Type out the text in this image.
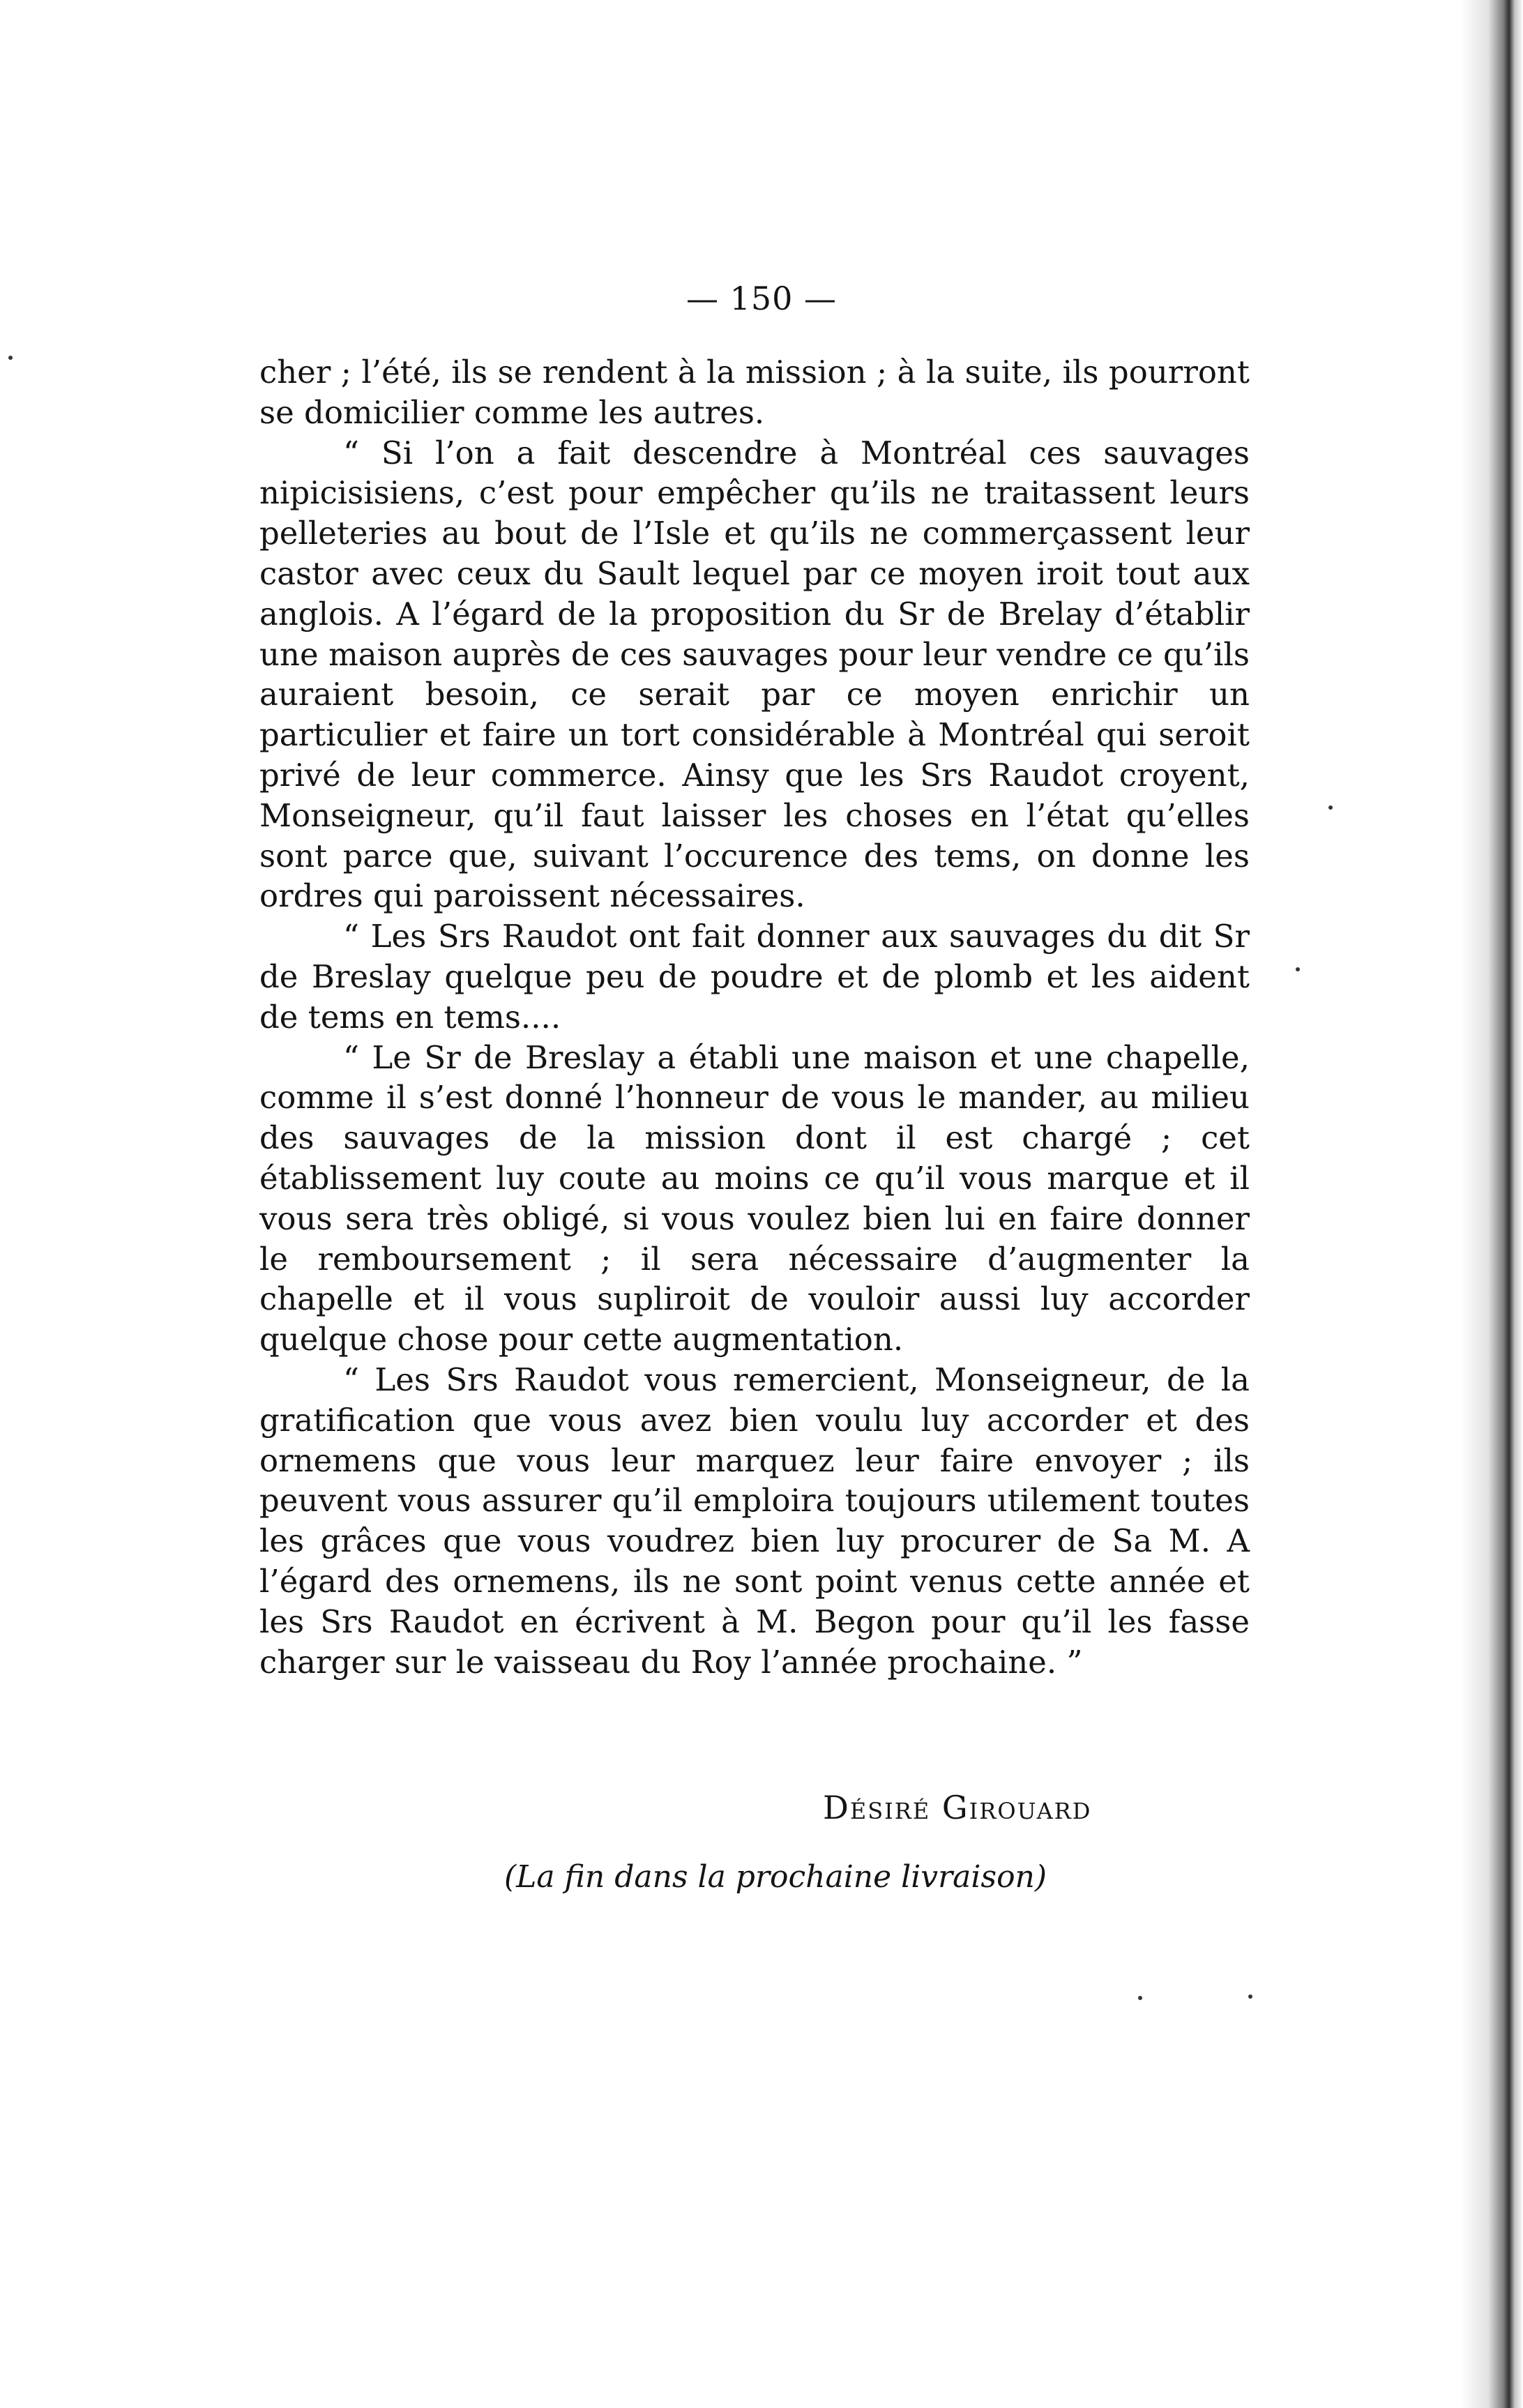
— 150 —

cher ; l’été, ils se rendent à la mission ; à la suite, ils pourront se domicilier comme les autres.

“ Si l’on a fait descendre à Montréal ces sauvages nipicisisiens, c’est pour empêcher qu’ils ne traitassent leurs pelleteries au bout de l’Isle et qu’ils ne commerçassent leur castor avec ceux du Sault lequel par ce moyen iroit tout aux anglois. A l’égard de la proposition du Sr de Brelay d’établir une maison auprès de ces sauvages pour leur vendre ce qu’ils auraient besoin, ce serait par ce moyen enrichir un particulier et faire un tort considérable à Montréal qui seroit privé de leur commerce. Ainsy que les Srs Raudot croyent, Monseigneur, qu’il faut laisser les choses en l’état qu’elles sont parce que, suivant l’occurence des tems, on donne les ordres qui paroissent nécessaires.

“ Les Srs Raudot ont fait donner aux sauvages du dit Sr de Breslay quelque peu de poudre et de plomb et les aident de tems en tems....

“ Le Sr de Breslay a établi une maison et une chapelle, comme il s’est donné l’honneur de vous le mander, au milieu des sauvages de la mission dont il est chargé ; cet établissement luy coute au moins ce qu’il vous marque et il vous sera très obligé, si vous voulez bien lui en faire donner le remboursement ; il sera nécessaire d’augmenter la chapelle et il vous supliroit de vouloir aussi luy accorder quelque chose pour cette augmentation.

“ Les Srs Raudot vous remercient, Monseigneur, de la gratification que vous avez bien voulu luy accorder et des ornemens que vous leur marquez leur faire envoyer ; ils peuvent vous assurer qu’il emploira toujours utilement toutes les grâces que vous voudrez bien luy procurer de Sa M. A l’égard des ornemens, ils ne sont point venus cette année et les Srs Raudot en écrivent à M. Begon pour qu’il les fasse charger sur le vaisseau du Roy l’année prochaine. ”

Désiré Girouard
(La fin dans la prochaine livraison)
